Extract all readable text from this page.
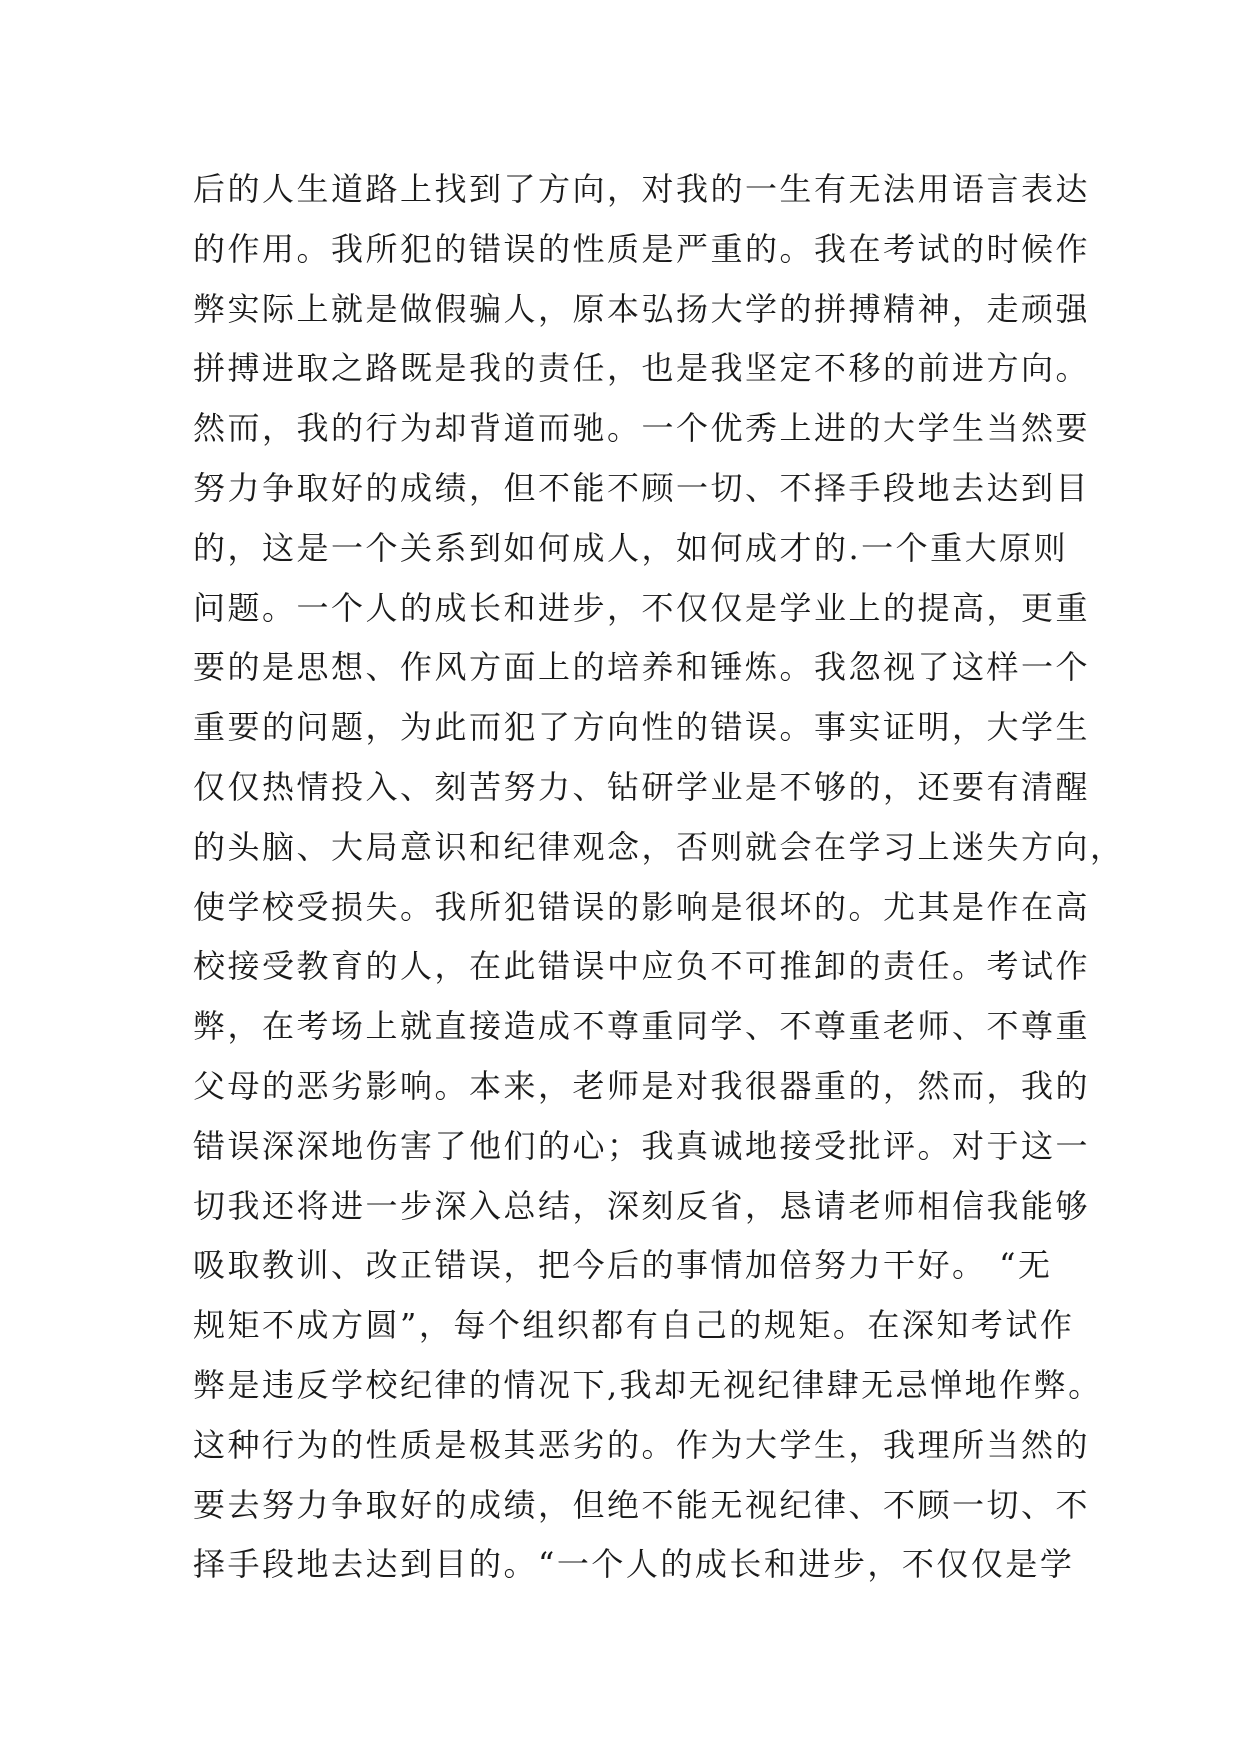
后的人生道路上找到了方向，对我的一生有无法用语言表达
的作用。我所犯的错误的性质是严重的。我在考试的时候作
弊实际上就是做假骗人，原本弘扬大学的拼搏精神，走顽强
拼搏进取之路既是我的责任，也是我坚定不移的前进方向。
然而，我的行为却背道而驰。一个优秀上进的大学生当然要
努力争取好的成绩，但不能不顾一切、不择手段地去达到目
的，这是一个关系到如何成人，如何成才的.一个重大原则
问题。一个人的成长和进步，不仅仅是学业上的提高，更重
要的是思想、作风方面上的培养和锤炼。我忽视了这样一个
重要的问题，为此而犯了方向性的错误。事实证明，大学生
仅仅热情投入、刻苦努力、钻研学业是不够的，还要有清醒
的头脑、大局意识和纪律观念，否则就会在学习上迷失方向，
使学校受损失。我所犯错误的影响是很坏的。尤其是作在高
校接受教育的人，在此错误中应负不可推卸的责任。考试作
弊，在考场上就直接造成不尊重同学、不尊重老师、不尊重
父母的恶劣影响。本来，老师是对我很器重的，然而，我的
错误深深地伤害了他们的心；我真诚地接受批评。对于这一
切我还将进一步深入总结，深刻反省，恳请老师相信我能够
吸取教训、改正错误，把今后的事情加倍努力干好。 “无
规矩不成方圆”，每个组织都有自己的规矩。在深知考试作
弊是违反学校纪律的情况下,我却无视纪律肆无忌惮地作弊。
这种行为的性质是极其恶劣的。作为大学生，我理所当然的
要去努力争取好的成绩，但绝不能无视纪律、不顾一切、不
择手段地去达到目的。“一个人的成长和进步，不仅仅是学
